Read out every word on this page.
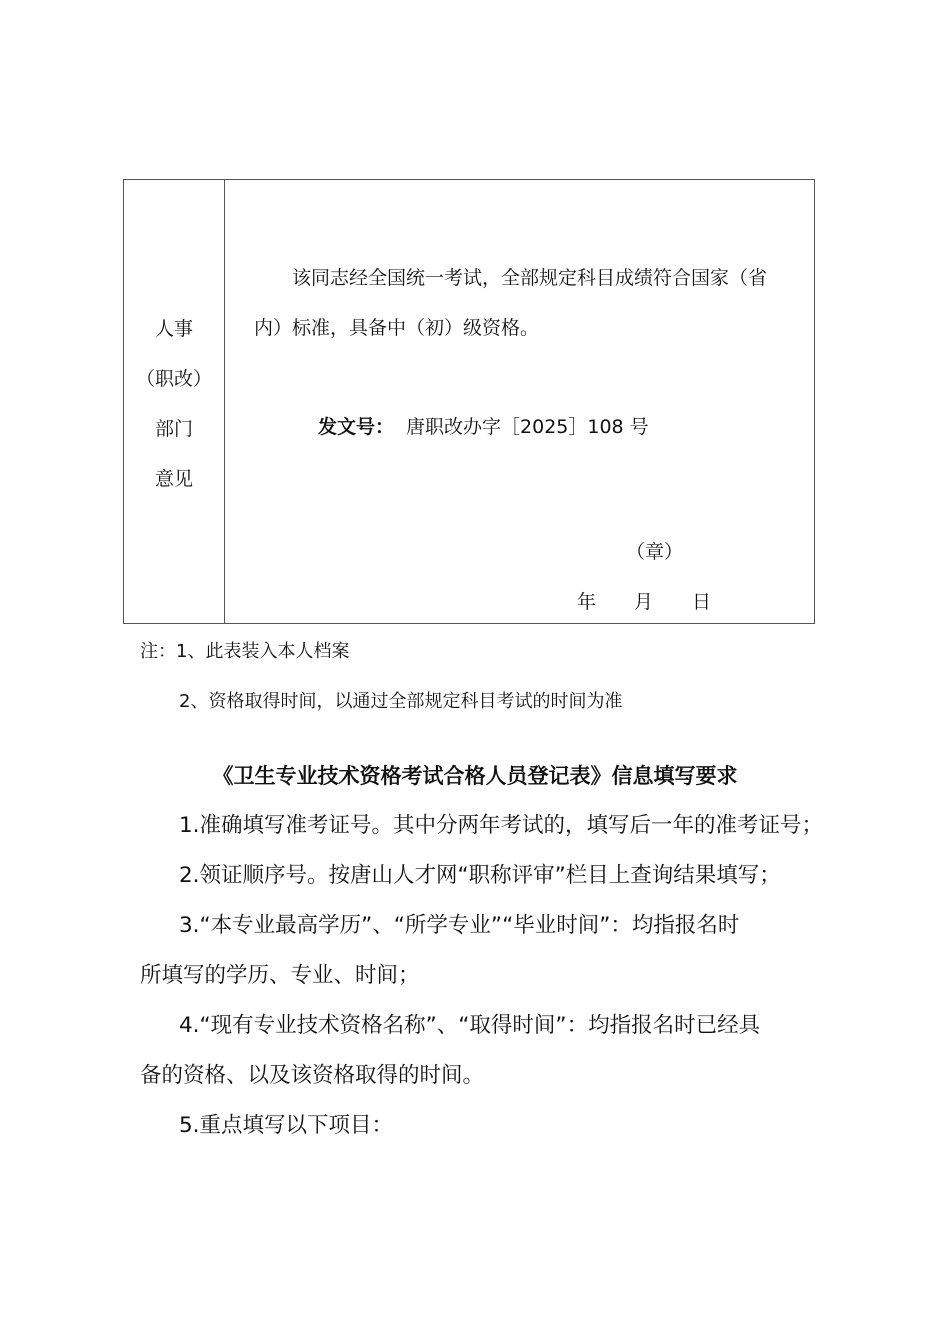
人事
（职改）
部门
意见
该同志经全国统一考试，全部规定科目成绩符合国家（省
内）标准，具备中（初）级资格。
发文号： 唐职改办字［2025］108 号
（章）
年 月 日
注：1、此表装入本人档案
2、资格取得时间，以通过全部规定科目考试的时间为准
《卫生专业技术资格考试合格人员登记表》信息填写要求
1.准确填写准考证号。其中分两年考试的，填写后一年的准考证号；
2.领证顺序号。按唐山人才网“职称评审”栏目上查询结果填写；
3.“本专业最高学历”、“所学专业”“毕业时间”：均指报名时
所填写的学历、专业、时间；
4.“现有专业技术资格名称”、“取得时间”：均指报名时已经具
备的资格、以及该资格取得的时间。
5.重点填写以下项目：
